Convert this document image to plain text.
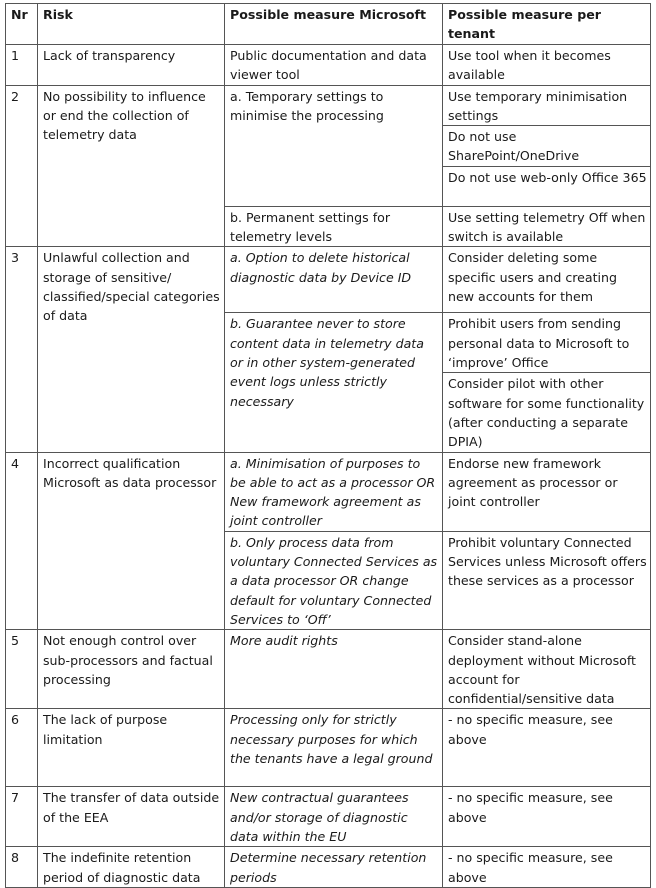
Nr	Risk	Possible measure Microsoft	Possible measure per tenant
1	Lack of transparency	Public documentation and data viewer tool	Use tool when it becomes available
2	No possibility to influence or end the collection of telemetry data	a. Temporary settings to minimise the processing	Use temporary minimisation settings
			Do not use SharePoint/OneDrive
			Do not use web-only Office 365
		b. Permanent settings for telemetry levels	Use setting telemetry Off when switch is available
3	Unlawful collection and storage of sensitive/ classified/special categories of data	a. Option to delete historical diagnostic data by Device ID	Consider deleting some specific users and creating new accounts for them
		b. Guarantee never to store content data in telemetry data or in other system-generated event logs unless strictly necessary	Prohibit users from sending personal data to Microsoft to ‘improve’ Office
			Consider pilot with other software for some functionality (after conducting a separate DPIA)
4	Incorrect qualification Microsoft as data processor	a. Minimisation of purposes to be able to act as a processor OR New framework agreement as joint controller	Endorse new framework agreement as processor or joint controller
		b. Only process data from voluntary Connected Services as a data processor OR change default for voluntary Connected Services to ‘Off’	Prohibit voluntary Connected Services unless Microsoft offers these services as a processor
5	Not enough control over sub-processors and factual processing	More audit rights	Consider stand-alone deployment without Microsoft account for confidential/sensitive data
6	The lack of purpose limitation	Processing only for strictly necessary purposes for which the tenants have a legal ground	- no specific measure, see above
7	The transfer of data outside of the EEA	New contractual guarantees and/or storage of diagnostic data within the EU	- no specific measure, see above
8	The indefinite retention period of diagnostic data	Determine necessary retention periods	- no specific measure, see above
